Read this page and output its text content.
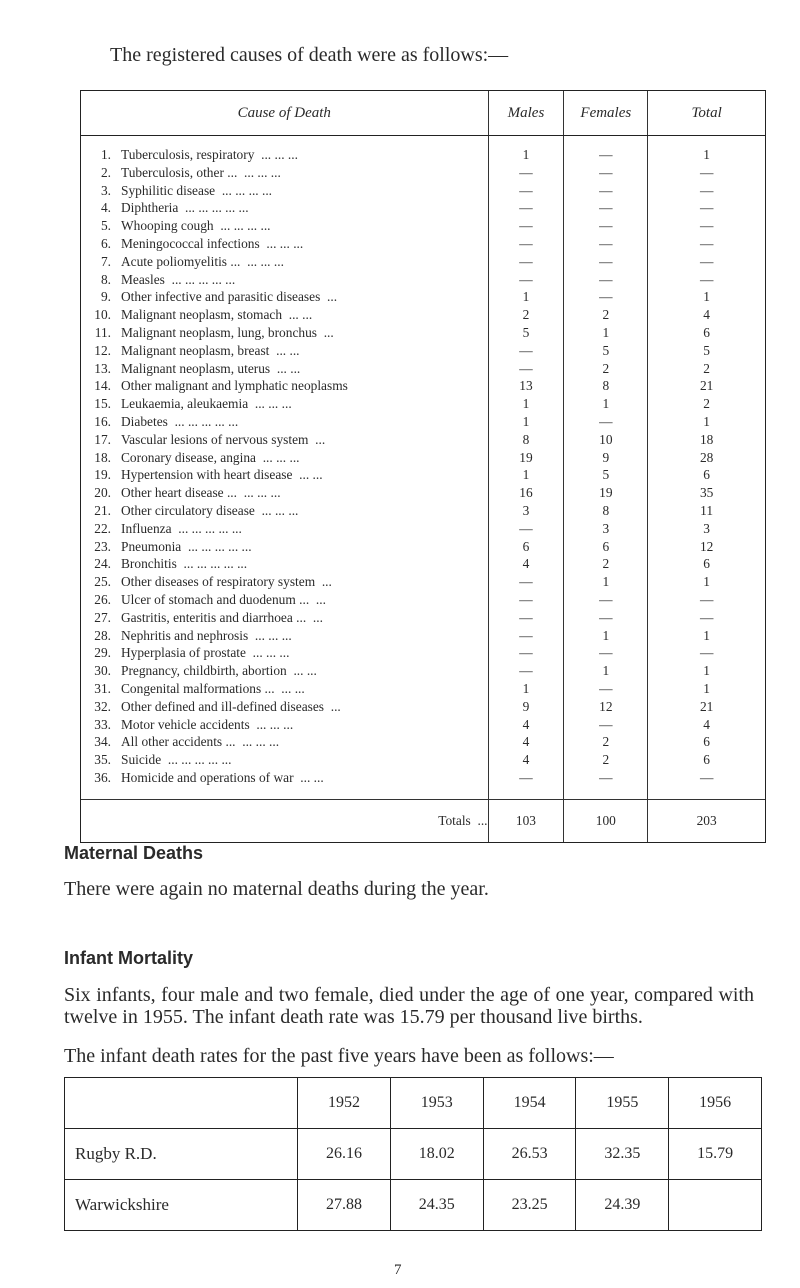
The registered causes of death were as follows:—

Cause of Death	Males	Females	Total

1. Tuberculosis, respiratory ... ... ...	1	—	1
2. Tuberculosis, other ... ... ... ...	—	—	—
3. Syphilitic disease ... ... ... ...	—	—	—
4. Diphtheria ... ... ... ... ...	—	—	—
5. Whooping cough ... ... ... ...	—	—	—
6. Meningococcal infections ... ... ...	—	—	—
7. Acute poliomyelitis ... ... ... ...	—	—	—
8. Measles ... ... ... ... ...	—	—	—
9. Other infective and parasitic diseases ...	1	—	1
10. Malignant neoplasm, stomach ... ...	2	2	4
11. Malignant neoplasm, lung, bronchus ...	5	1	6
12. Malignant neoplasm, breast ... ...	—	5	5
13. Malignant neoplasm, uterus ... ...	—	2	2
14. Other malignant and lymphatic neoplasms	13	8	21
15. Leukaemia, aleukaemia ... ... ...	1	1	2
16. Diabetes ... ... ... ... ...	1	—	1
17. Vascular lesions of nervous system ...	8	10	18
18. Coronary disease, angina ... ... ...	19	9	28
19. Hypertension with heart disease ... ...	1	5	6
20. Other heart disease ... ... ... ...	16	19	35
21. Other circulatory disease ... ... ...	3	8	11
22. Influenza ... ... ... ... ...	—	3	3
23. Pneumonia ... ... ... ... ...	6	6	12
24. Bronchitis ... ... ... ... ...	4	2	6
25. Other diseases of respiratory system ...	—	1	1
26. Ulcer of stomach and duodenum ... ...	—	—	—
27. Gastritis, enteritis and diarrhoea ... ...	—	—	—
28. Nephritis and nephrosis ... ... ...	—	1	1
29. Hyperplasia of prostate ... ... ...	—	—	—
30. Pregnancy, childbirth, abortion ... ...	—	1	1
31. Congenital malformations ... ... ...	1	—	1
32. Other defined and ill-defined diseases ...	9	12	21
33. Motor vehicle accidents ... ... ...	4	—	4
34. All other accidents ... ... ... ...	4	2	6
35. Suicide ... ... ... ... ...	4	2	6
36. Homicide and operations of war ... ...	—	—	—

Totals ...	103	100	203
Maternal Deaths

There were again no maternal deaths during the year.

Infant Mortality

Six infants, four male and two female, died under the age of one year, compared with twelve in 1955. The infant death rate was 15.79 per thousand live births.

The infant death rates for the past five years have been as follows:—

	1952	1953	1954	1955	1956
Rugby R.D.	26.16	18.02	26.53	32.35	15.79
Warwickshire	27.88	24.35	23.25	24.39	
7
